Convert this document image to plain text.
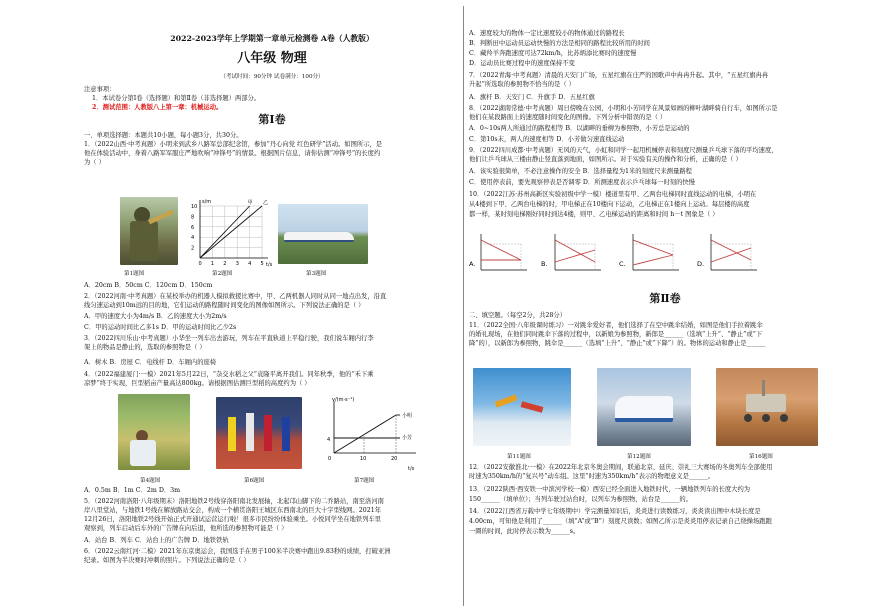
2022-2023学年上学期第一章单元检测卷 A卷（人教版）
八年级 物理
（考试时间：90分钟 试卷满分：100分）
注意事项：
1．本试卷分第Ⅰ卷（选择题）和第Ⅱ卷（非选择题）两部分。
2．测试范围：人教版八上第一章：机械运动。
第Ⅰ卷
一、单项选择题：本题共10小题，每小题3分，共30分。
1．（2022山西·中考真题）小明来到武乡八路军总部纪念馆，参加“丹心向党 红色研学”活动。如图所示，是
他在体验活动中，身着八路军军服庄严地吹响“冲锋号”的情景。根据图片信息，请你估测“冲锋号”的长度约
为（ ）
t/s
s/m
0 1 2 3 4 5
2
4
6
8
10
甲 乙
第1题图	第2题图	第3题图
A．20cm B．50cm C．120cm D．150cm
2．（2022河南·中考真题）在某校举办的机器人模拟救援比赛中，甲、乙两机器人同时从同一地点出发，沿直
线匀速运动到10m远的目的地，它们运动的路程随时间变化的图像如图所示。下列说法正确的是（ ）
A．甲的速度大小为4m/s B．乙的速度大小为2m/s
C．甲的运动时间比乙多1s D．甲的运动时间比乙少2s
3．（2022四川乐山·中考真题）小华坐一列车出去游玩，列车在平直轨道上平稳行驶，我们说车厢内行李
架上的物品是静止的，选取的参照物是（ ）
A．树木 B．房屋 C．电线杆 D．车厢内的座椅
4．（2022福建厦门·一模）2021年5月22日，“杂交水稻之父”袁隆平离开我们。同年秋季，他的“禾下乘
凉梦”终于实现，巨型稻亩产量高达800kg。请根据图估测巨型稻的高度约为（ ）
v/(m·s⁻¹)
t/s
0	10	20
4
小明
小芳
第4题图	第6题图	第7题图
A．0.5m B．1m C．2m D．3m
5．（2022河南洛阳·八年级期末）洛阳地铁2号线穿洛阳南北发展轴，北起邙山脚下的二乔路站，南至洛河南
岸八里堂站，与地铁1号线在解放路站交会，构成一个横贯洛阳王城区东西南北的巨大十字型线网。2021年
12月26日，洛阳地铁2号线开始正式开通试运营运行啦！很多市民纷纷体验乘坐。小悦同学坐在地铁列车里
观察到，列车启动后车外的广告牌在向后退，他所选的参照物可能是（ ）
A．站台 B．列车 C．站台上的广告牌 D．地铁铁轨
6．（2022云南红河·二模）2021年东京奥运会，我国选手在男子100米半决赛中跑出9.83秒的成绩，打破亚洲
纪录。如图为半决赛时冲刺的照片。下列说法正确的是（ ）
A．速度较大的物体一定比速度较小的物体通过的路程长
B．判断田中运动员运动快慢的方法是相同的路程比较所用的时间
C．藏羚羊奔跑速度可达72km/h，比苏炳添比赛时的速度慢
D．运动员比赛过程中的速度保持不变
7．（2022青海·中考真题）清晨的天安门广场，五星红旗在庄严的国歌声中冉冉升起。其中，“五星红旗冉冉
升起”所选取的参照物不恰当的是（ ）
A．旗杆 B．天安门 C．升旗手 D．五星红旗
8．（2022湖南常德·中考真题）周日傍晚在公园，小明和小芳同学在风景如画的柳叶湖畔骑自行车，如图所示是
他们在某段路面上的速度随时间变化的图像。下列分析中错误的是（ ）
A．0~10s两人所通过的路程相等 B．以湖畔的垂柳为参照物，小芳总是运动的
C．第10s末，两人的速度相等 D．小芳做匀速直线运动
9．（2022四川成都·中考真题）无风的天气，小虹和同学一起用机械停表和刻度尺测量乒乓球下落的平均速度，
他们让乒乓球从三楼由静止竖直落到地面，如图所示。对于实验有关的操作和分析，正确的是（ ）
A．该实验很简单，不必注意操作的安全 B．选择量程为1米的刻度尺来测量路程
C．使用停表前，要先观察停表是否调零 D．所测速度表示乒乓球每一时刻的快慢
10．（2022江苏·苏州高新区实验初级中学一模）楼道里有甲、乙两台电梯同时直线运动的电梯，小明在
从4楼到下甲、乙两台电梯的时，甲电梯正在10楼向下运动，乙电梯正在1楼向上运动。每层楼的高度
都一样，某时刻电梯刚好同时到达4楼，则甲、乙电梯运动的距离和时间 h－t 图象是（ ）
A.	B.	C.	D.
第Ⅱ卷
二、填空题。（每空2分，共28分）
11．（2022全国·八年级课时练习）一对跳伞爱好者，他们选择了在空中跳伞结婚，如图是他们手拉着跳伞
的婚礼现场，在他们同时跳伞下落的过程中，以新娘为参照物，新郎是______（选填“上升”、“静止”或“下
降”的），以新郎为参照物，跳伞是______（选填“上升”、“静止”或“下降”）的。物体的运动和静止是______
第11题图	第12题图	第16题图
12．（2022安徽淮北·一模）在2022年北京冬奥会期间，联通北京、延庆、崇礼三大赛场的冬奥列车全部使用
时速为350km/h的“复兴号”动车组。这里“时速为350km/h”表示的物理意义是______。
13．（2022陕西·西安铁一中滨河学校一模）西安已经全面进入地铁时代，一辆地铁列车的长度大约为
150______（填单位）；当列车驶过站台时，以列车为参照物，站台是______的。
14．（2022江西省万载中学七年级期中）学完测量知识后，炎炎进行读数练习，炎炎读出图中木块长度是
4.00cm，可知他是利用了______（填“A”或“B”）刻度尺读数；如图乙所示是炎炎用停表记录自己绕操场跑跑
一圈的时间，此时停表示数为______s。
